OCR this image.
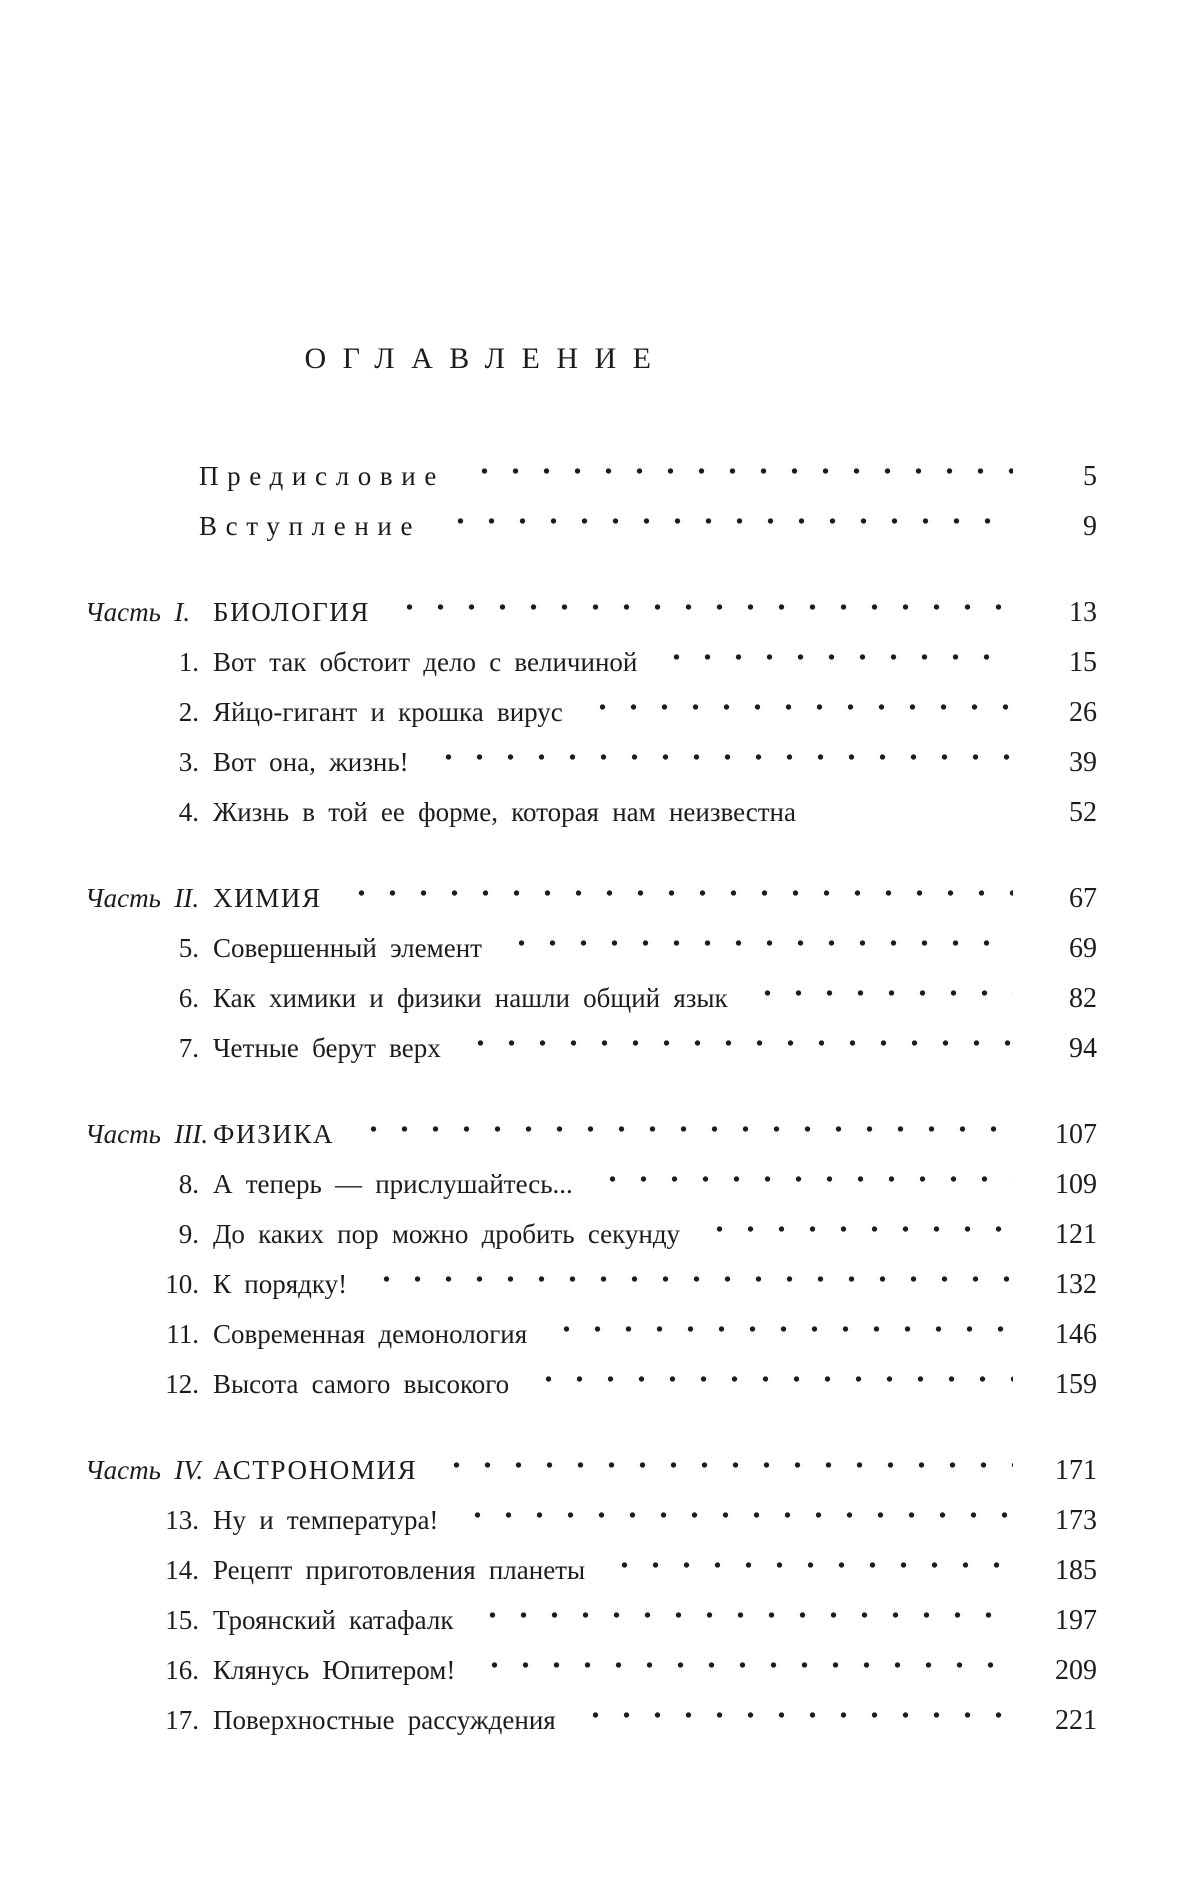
ОГЛАВЛЕНИЕ
Предисловие	5
Вступление	9
Часть I. БИОЛОГИЯ	13
1. Вот так обстоит дело с величиной	15
2. Яйцо-гигант и крошка вирус	26
3. Вот она, жизнь!	39
4. Жизнь в той ее форме, которая нам неизвестна	52
Часть II. ХИМИЯ	67
5. Совершенный элемент	69
6. Как химики и физики нашли общий язык	82
7. Четные берут верх	94
Часть III. ФИЗИКА	107
8. А теперь — прислушайтесь...	109
9. До каких пор можно дробить секунду	121
10. К порядку!	132
11. Современная демонология	146
12. Высота самого высокого	159
Часть IV. АСТРОНОМИЯ	171
13. Ну и температура!	173
14. Рецепт приготовления планеты	185
15. Троянский катафалк	197
16. Клянусь Юпитером!	209
17. Поверхностные рассуждения	221
